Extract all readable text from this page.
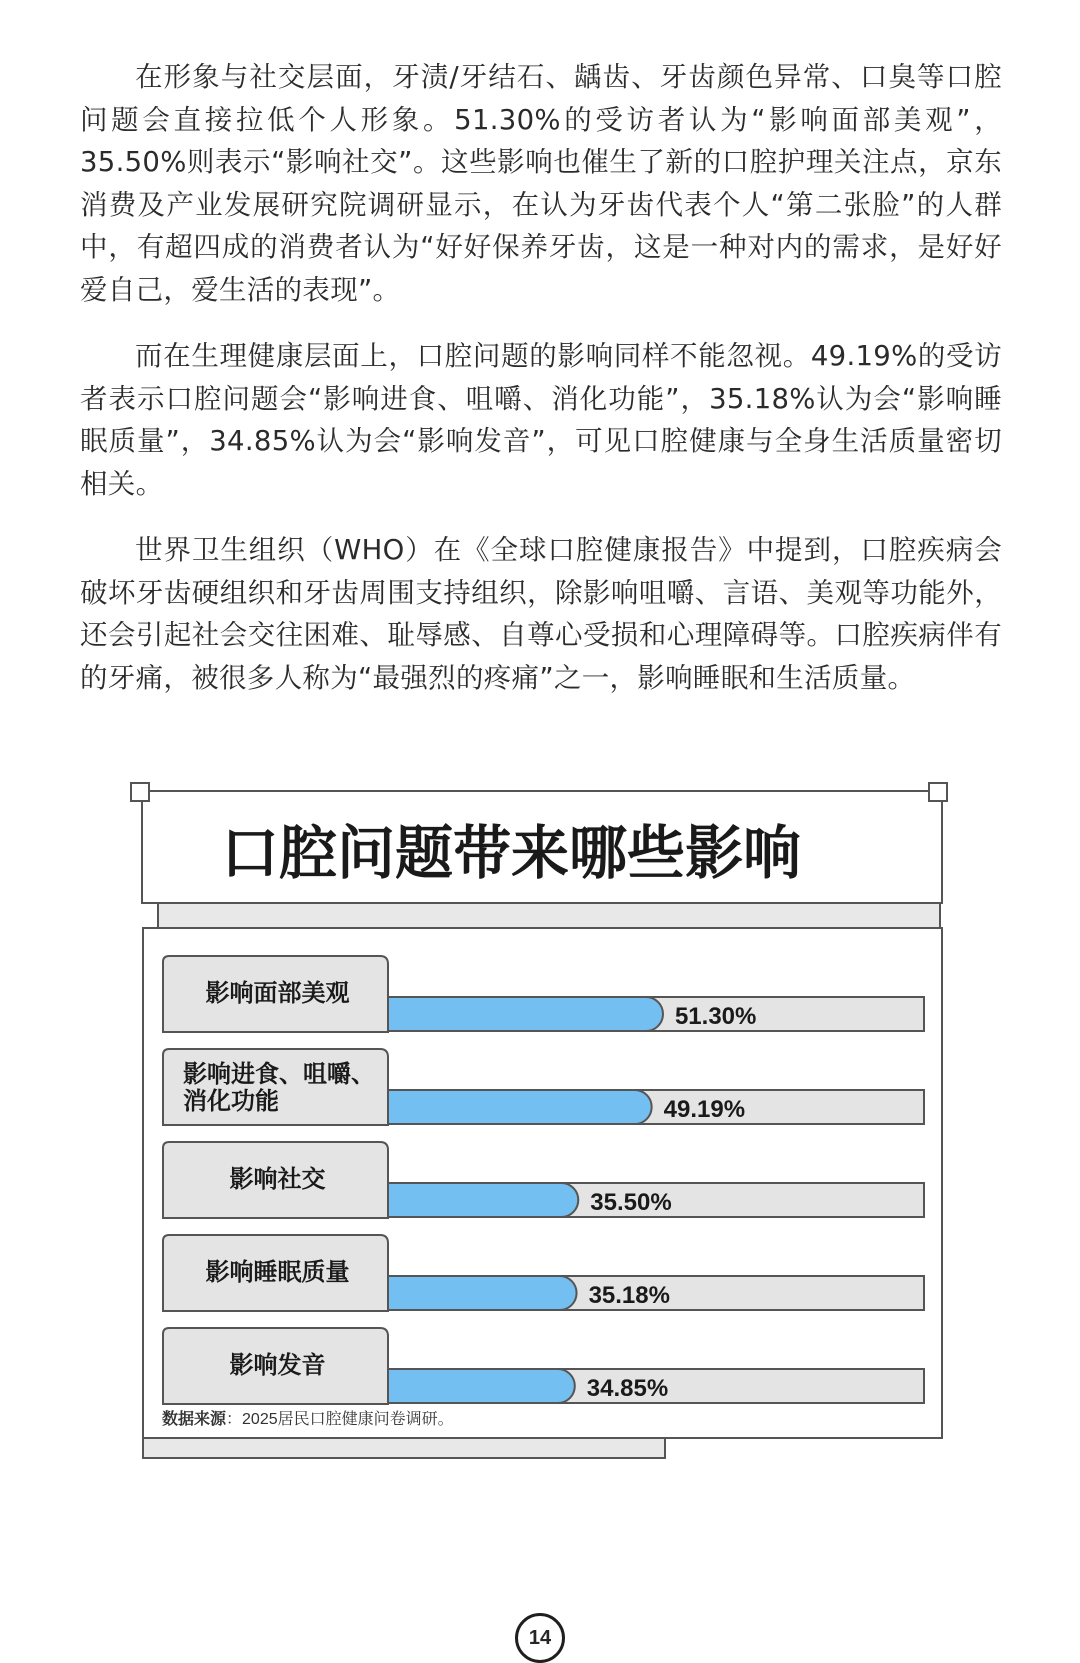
在形象与社交层面，牙渍/牙结石、龋齿、牙齿颜色异常、口臭等口腔问题会直接拉低个人形象。51.30%的受访者认为“影响面部美观”，35.50%则表示“影响社交”。这些影响也催生了新的口腔护理关注点，京东消费及产业发展研究院调研显示，在认为牙齿代表个人“第二张脸”的人群中，有超四成的消费者认为“好好保养牙齿，这是一种对内的需求，是好好爱自己，爱生活的表现”。

而在生理健康层面上，口腔问题的影响同样不能忽视。49.19%的受访者表示口腔问题会“影响进食、咀嚼、消化功能”，35.18%认为会“影响睡眠质量”，34.85%认为会“影响发音”，可见口腔健康与全身生活质量密切相关。

世界卫生组织（WHO）在《全球口腔健康报告》中提到，口腔疾病会破坏牙齿硬组织和牙齿周围支持组织，除影响咀嚼、言语、美观等功能外，还会引起社会交往困难、耻辱感、自尊心受损和心理障碍等。口腔疾病伴有的牙痛，被很多人称为“最强烈的疼痛”之一，影响睡眠和生活质量。

口腔问题带来哪些影响
51.30%
影响面部美观
49.19%
影响进食、咀嚼、
消化功能
35.50%
影响社交
35.18%
影响睡眠质量
34.85%
影响发音
数据来源：2025居民口腔健康问卷调研。
14
